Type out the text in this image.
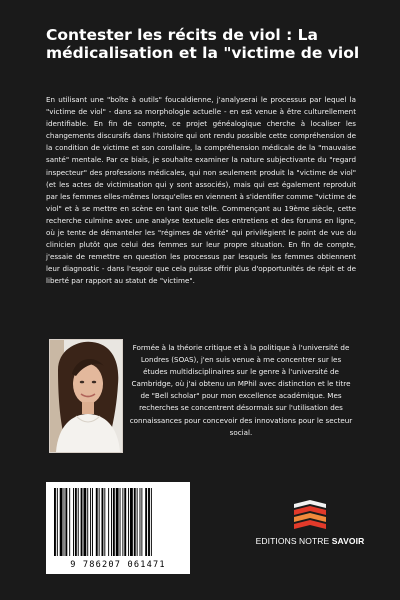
Contester les récits de viol : La médicalisation et la "victime de viol

En utilisant une "boîte à outils" foucaldienne, j'analyserai le processus par lequel la "victime de viol" - dans sa morphologie actuelle - en est venue à être culturellement identifiable. En fin de compte, ce projet généalogique cherche à localiser les changements discursifs dans l'histoire qui ont rendu possible cette compréhension de la condition de victime et son corollaire, la compréhension médicale de la "mauvaise santé" mentale. Par ce biais, je souhaite examiner la nature subjectivante du "regard inspecteur" des professions médicales, qui non seulement produit la "victime de viol" (et les actes de victimisation qui y sont associés), mais qui est également reproduit par les femmes elles-mêmes lorsqu'elles en viennent à s'identifier comme "victime de viol" et à se mettre en scène en tant que telle. Commençant au 19ème siècle, cette recherche culmine avec une analyse textuelle des entretiens et des forums en ligne, où je tente de démanteler les "régimes de vérité" qui privilégient le point de vue du clinicien plutôt que celui des femmes sur leur propre situation. En fin de compte, j'essaie de remettre en question les processus par lesquels les femmes obtiennent leur diagnostic - dans l'espoir que cela puisse offrir plus d'opportunités de répit et de liberté par rapport au statut de "victime".

Formée à la théorie critique et à la politique à l'université de Londres (SOAS), j'en suis venue à me concentrer sur les études multidisciplinaires sur le genre à l'université de Cambridge, où j'ai obtenu un MPhil avec distinction et le titre de "Bell scholar" pour mon excellence académique. Mes recherches se concentrent désormais sur l'utilisation des connaissances pour concevoir des innovations pour le secteur social.

9 786207 061471
EDITIONS NOTRE SAVOIR
